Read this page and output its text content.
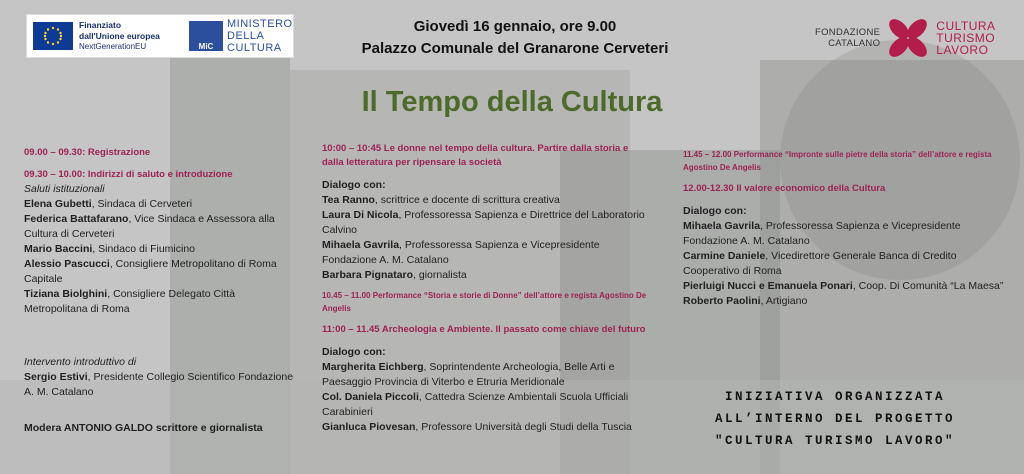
Finanziato
dall'Unione europea
NextGenerationEU	MiC
MINISTERO
DELLA
CULTURA
Giovedì 16 gennaio, ore 9.00
Palazzo Comunale del Granarone Cerveteri
FONDAZIONE
CATALANO
CULTURA
TURISMO
LAVORO
Il Tempo della Cultura
09.00 – 09.30: Registrazione
09.30 – 10.00: Indirizzi di saluto e introduzione
Saluti istituzionali
Elena Gubetti, Sindaca di Cerveteri
Federica Battafarano, Vice Sindaca e Assessora alla Cultura di Cerveteri
Mario Baccini, Sindaco di Fiumicino
Alessio Pascucci, Consigliere Metropolitano di Roma Capitale
Tiziana Biolghini, Consigliere Delegato Città Metropolitana di Roma
Intervento introduttivo di
Sergio Estivi, Presidente Collegio Scientifico Fondazione A. M. Catalano
Modera ANTONIO GALDO scrittore e giornalista
10:00 – 10:45 Le donne nel tempo della cultura. Partire dalla storia e dalla letteratura per ripensare la società
Dialogo con:
Tea Ranno, scrittrice e docente di scrittura creativa
Laura Di Nicola, Professoressa Sapienza e Direttrice del Laboratorio Calvino
Mihaela Gavrila, Professoressa Sapienza e Vicepresidente Fondazione A. M. Catalano
Barbara Pignataro, giornalista
10.45 – 11.00 Performance “Storia e storie di Donne” dell’attore e regista Agostino De Angelis
11:00 – 11.45 Archeologia e Ambiente. Il passato come chiave del futuro
Dialogo con:
Margherita Eichberg, Soprintendente Archeologia, Belle Arti e Paesaggio Provincia di Viterbo e Etruria Meridionale
Col. Daniela Piccoli, Cattedra Scienze Ambientali Scuola Ufficiali Carabinieri
Gianluca Piovesan, Professore Università degli Studi della Tuscia
11.45 – 12.00 Performance “Impronte sulle pietre della storia” dell’attore e regista Agostino De Angelis
12.00-12.30 Il valore economico della Cultura
Dialogo con:
Mihaela Gavrila, Professoressa Sapienza e Vicepresidente Fondazione A. M. Catalano
Carmine Daniele, Vicedirettore Generale Banca di Credito Cooperativo di Roma
Pierluigi Nucci e Emanuela Ponari, Coop. Di Comunità “La Maesa”
Roberto Paolini, Artigiano
INIZIATIVA ORGANIZZATA
ALL’INTERNO DEL PROGETTO
"CULTURA TURISMO LAVORO"
